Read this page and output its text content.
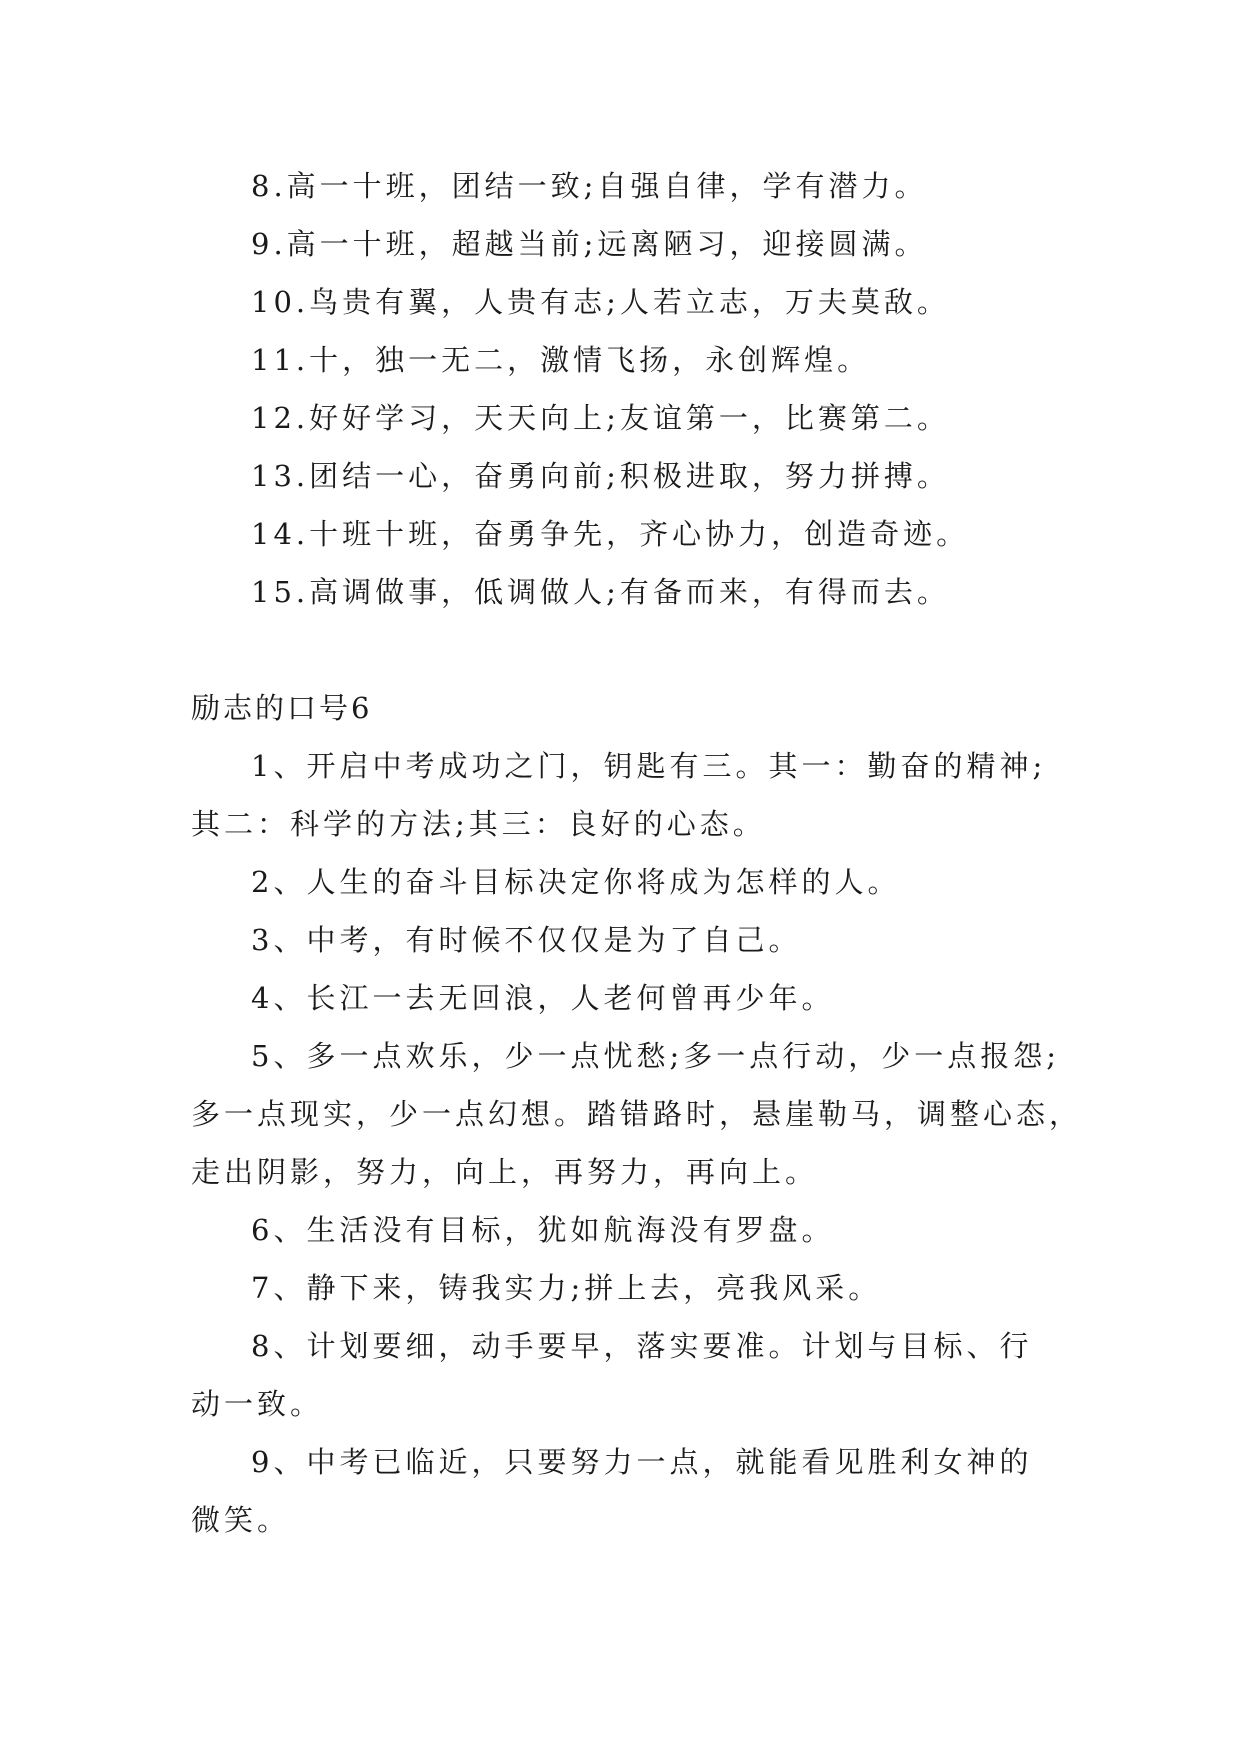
8.高一十班，团结一致;自强自律，学有潜力。

9.高一十班，超越当前;远离陋习，迎接圆满。

10.鸟贵有翼，人贵有志;人若立志，万夫莫敌。

11.十，独一无二，激情飞扬，永创辉煌。

12.好好学习，天天向上;友谊第一，比赛第二。

13.团结一心，奋勇向前;积极进取，努力拼搏。

14.十班十班，奋勇争先，齐心协力，创造奇迹。

15.高调做事，低调做人;有备而来，有得而去。

励志的口号6

1、开启中考成功之门，钥匙有三。其一：勤奋的精神;

其二：科学的方法;其三：良好的心态。

2、人生的奋斗目标决定你将成为怎样的人。

3、中考，有时候不仅仅是为了自己。

4、长江一去无回浪，人老何曾再少年。

5、多一点欢乐，少一点忧愁;多一点行动，少一点报怨;

多一点现实，少一点幻想。踏错路时，悬崖勒马，调整心态，

走出阴影，努力，向上，再努力，再向上。

6、生活没有目标，犹如航海没有罗盘。

7、静下来，铸我实力;拼上去，亮我风采。

8、计划要细，动手要早，落实要准。计划与目标、行

动一致。

9、中考已临近，只要努力一点，就能看见胜利女神的

微笑。
